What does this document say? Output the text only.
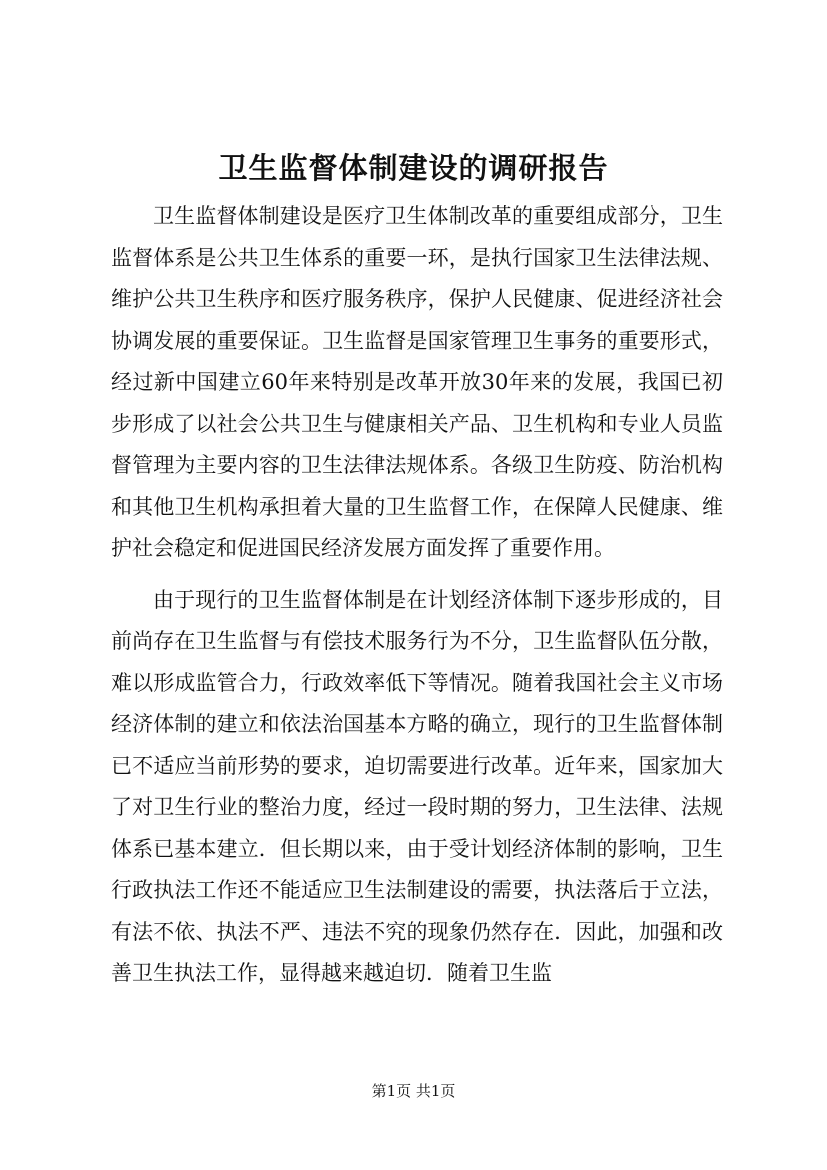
卫生监督体制建设的调研报告

卫生监督体制建设是医疗卫生体制改革的重要组成部分，卫生监督体系是公共卫生体系的重要一环，是执行国家卫生法律法规、维护公共卫生秩序和医疗服务秩序，保护人民健康、促进经济社会协调发展的重要保证。卫生监督是国家管理卫生事务的重要形式，经过新中国建立60年来特别是改革开放30年来的发展，我国已初步形成了以社会公共卫生与健康相关产品、卫生机构和专业人员监督管理为主要内容的卫生法律法规体系。各级卫生防疫、防治机构和其他卫生机构承担着大量的卫生监督工作，在保障人民健康、维护社会稳定和促进国民经济发展方面发挥了重要作用。

由于现行的卫生监督体制是在计划经济体制下逐步形成的，目前尚存在卫生监督与有偿技术服务行为不分，卫生监督队伍分散，难以形成监管合力，行政效率低下等情况。随着我国社会主义市场经济体制的建立和依法治国基本方略的确立，现行的卫生监督体制已不适应当前形势的要求，迫切需要进行改革。近年来，国家加大了对卫生行业的整治力度，经过一段时期的努力，卫生法律、法规体系已基本建立．但长期以来，由于受计划经济体制的影响，卫生行政执法工作还不能适应卫生法制建设的需要，执法落后于立法，有法不依、执法不严、违法不究的现象仍然存在．因此，加强和改善卫生执法工作，显得越来越迫切．随着卫生监

第1页 共1页
